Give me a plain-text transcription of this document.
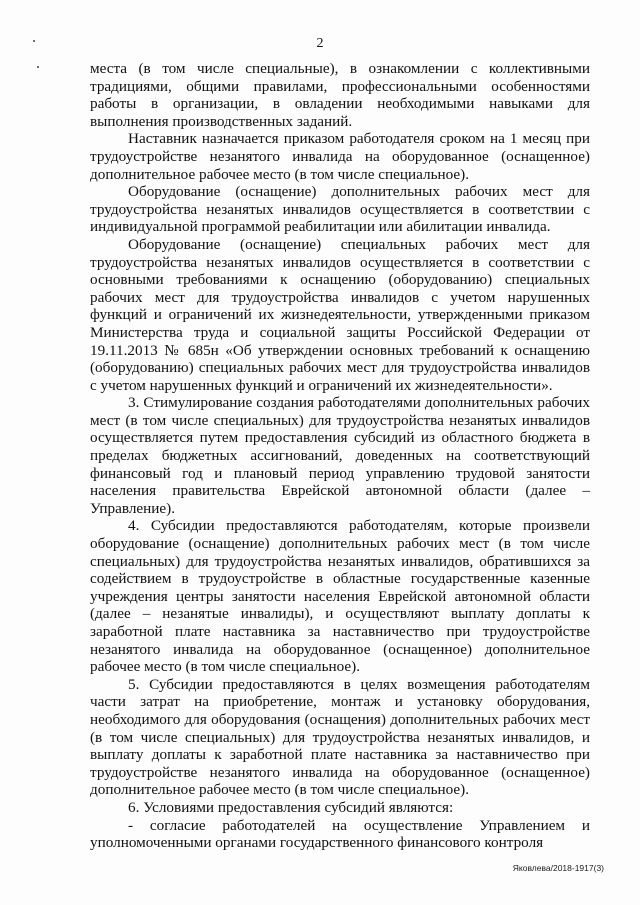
2

места (в том числе специальные), в ознакомлении с коллективными традициями, общими правилами, профессиональными особенностями работы в организации, в овладении необходимыми навыками для выполнения производственных заданий.

Наставник назначается приказом работодателя сроком на 1 месяц при трудоустройстве незанятого инвалида на оборудованное (оснащенное) дополнительное рабочее место (в том числе специальное).

Оборудование (оснащение) дополнительных рабочих мест для трудоустройства незанятых инвалидов осуществляется в соответствии с индивидуальной программой реабилитации или абилитации инвалида.

Оборудование (оснащение) специальных рабочих мест для трудоустройства незанятых инвалидов осуществляется в соответствии с основными требованиями к оснащению (оборудованию) специальных рабочих мест для трудоустройства инвалидов с учетом нарушенных функций и ограничений их жизнедеятельности, утвержденными приказом Министерства труда и социальной защиты Российской Федерации от 19.11.2013 № 685н «Об утверждении основных требований к оснащению (оборудованию) специальных рабочих мест для трудоустройства инвалидов с учетом нарушенных функций и ограничений их жизнедеятельности».

3. Стимулирование создания работодателями дополнительных рабочих мест (в том числе специальных) для трудоустройства незанятых инвалидов осуществляется путем предоставления субсидий из областного бюджета в пределах бюджетных ассигнований, доведенных на соответствующий финансовый год и плановый период управлению трудовой занятости населения правительства Еврейской автономной области (далее – Управление).

4. Субсидии предоставляются работодателям, которые произвели оборудование (оснащение) дополнительных рабочих мест (в том числе специальных) для трудоустройства незанятых инвалидов, обратившихся за содействием в трудоустройстве в областные государственные казенные учреждения центры занятости населения Еврейской автономной области (далее – незанятые инвалиды), и осуществляют выплату доплаты к заработной плате наставника за наставничество при трудоустройстве незанятого инвалида на оборудованное (оснащенное) дополнительное рабочее место (в том числе специальное).

5. Субсидии предоставляются в целях возмещения работодателям части затрат на приобретение, монтаж и установку оборудования, необходимого для оборудования (оснащения) дополнительных рабочих мест (в том числе специальных) для трудоустройства незанятых инвалидов, и выплату доплаты к заработной плате наставника за наставничество при трудоустройстве незанятого инвалида на оборудованное (оснащенное) дополнительное рабочее место (в том числе специальное).

6. Условиями предоставления субсидий являются:

- согласие работодателей на осуществление Управлением и уполномоченными органами государственного финансового контроля

Яковлева/2018-1917(3)
